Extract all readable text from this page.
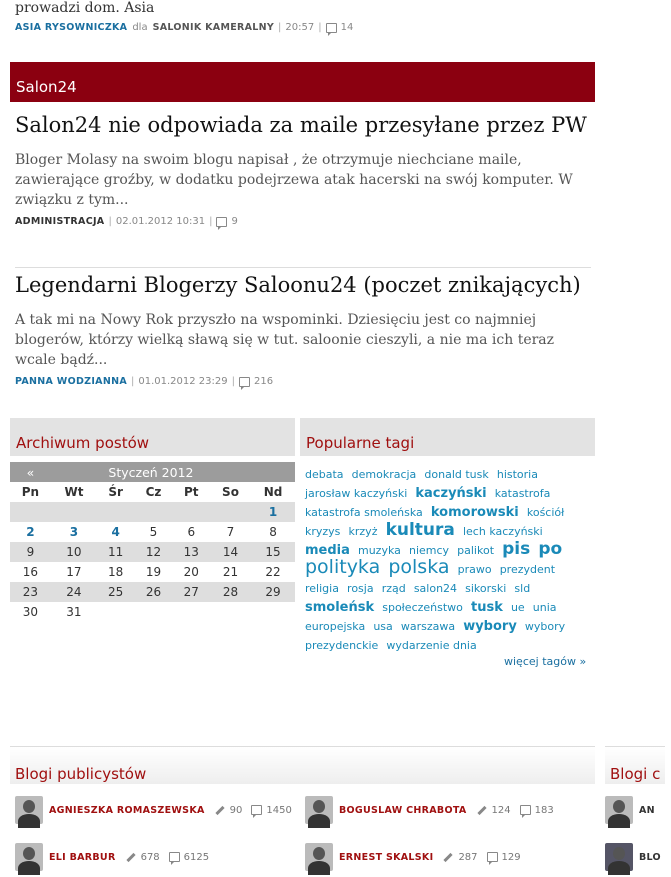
prowadzi dom. Asia
ASIA RYSOWNICZKA dla SALONIK KAMERALNY | 20:57 | 14
Salon24
Salon24 nie odpowiada za maile przesyłane przez PW

Bloger Molasy na swoim blogu napisał , że otrzymuje niechciane maile, zawierające groźby, w dodatku podejrzewa atak hacerski na swój komputer. W związku z tym...

ADMINISTRACJA | 02.01.2012 10:31 | 9
Legendarni Blogerzy Saloonu24 (poczet znikających)

A tak mi na Nowy Rok przyszło na wspominki. Dziesięciu jest co najmniej blogerów, którzy wielką sławą się w tut. saloonie cieszyli, a nie ma ich teraz wcale bądź...

PANNA WODZIANNA | 01.01.2012 23:29 | 216
Archiwum postów
«	Styczeń 2012					
Pn	Wt	Śr	Cz	Pt	So	Nd
						1
2	3	4	5	6	7	8
9	10	11	12	13	14	15
16	17	18	19	20	21	22
23	24	25	26	27	28	29
30	31					
Popularne tagi
debata demokracja donald tusk historia jarosław kaczyński kaczyński katastrofa katastrofa smoleńska komorowski kościół kryzys krzyż kultura lech kaczyński media muzyka niemcy palikot pis po polityka polska prawo prezydent religia rosja rząd salon24 sikorski sld smoleńsk społeczeństwo tusk ue unia europejska usa warszawa wybory wybory prezydenckie wydarzenie dnia
więcej tagów »
Blogi publicystów	Blogi c
AGNIESZKA ROMASZEWSKA	90 1450	BOGUSLAW CHRABOTA	124 183
ELI BARBUR	678 6125	ERNEST SKALSKI	287 129
AN
BLO
